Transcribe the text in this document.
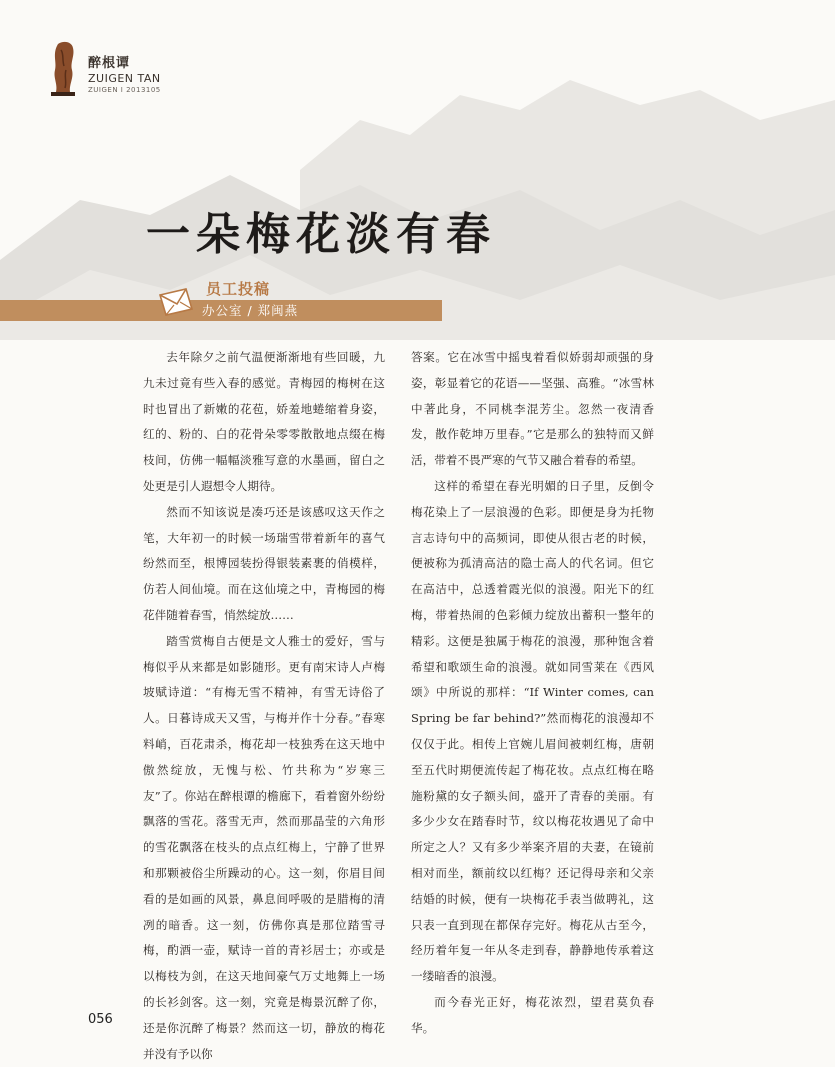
醉根谭
ZUIGEN TAN
ZUIGEN I 2013105
一朵梅花淡有春
员工投稿
办公室 / 郑闽燕

去年除夕之前气温便渐渐地有些回暖，九九未过竟有些入春的感觉。青梅园的梅树在这时也冒出了新嫩的花苞，娇羞地蜷缩着身姿，红的、粉的、白的花骨朵零零散散地点缀在梅枝间，仿佛一幅幅淡雅写意的水墨画，留白之处更是引人遐想令人期待。

然而不知该说是凑巧还是该感叹这天作之笔，大年初一的时候一场瑞雪带着新年的喜气纷然而至，根博园装扮得银装素裹的俏模样，仿若人间仙境。而在这仙境之中，青梅园的梅花伴随着春雪，悄然绽放……

踏雪赏梅自古便是文人雅士的爱好，雪与梅似乎从来都是如影随形。更有南宋诗人卢梅坡赋诗道：“有梅无雪不精神，有雪无诗俗了人。日暮诗成天又雪，与梅并作十分春。”春寒料峭，百花肃杀，梅花却一枝独秀在这天地中傲然绽放，无愧与松、竹共称为“岁寒三友”了。你站在醉根谭的檐廊下，看着窗外纷纷飘落的雪花。落雪无声，然而那晶莹的六角形的雪花飘落在枝头的点点红梅上，宁静了世界和那颗被俗尘所躁动的心。这一刻，你眉目间看的是如画的风景，鼻息间呼吸的是腊梅的清冽的暗香。这一刻，仿佛你真是那位踏雪寻梅，酌酒一壶，赋诗一首的青衫居士；亦或是以梅枝为剑，在这天地间豪气万丈地舞上一场的长衫剑客。这一刻，究竟是梅景沉醉了你，还是你沉醉了梅景？然而这一切，静放的梅花并没有予以你

答案。它在冰雪中摇曳着看似娇弱却顽强的身姿，彰显着它的花语——坚强、高雅。“冰雪林中著此身，不同桃李混芳尘。忽然一夜清香发，散作乾坤万里春。”它是那么的独特而又鲜活，带着不畏严寒的气节又融合着春的希望。

这样的希望在春光明媚的日子里，反倒令梅花染上了一层浪漫的色彩。即便是身为托物言志诗句中的高频词，即使从很古老的时候，便被称为孤清高洁的隐士高人的代名词。但它在高洁中，总透着霞光似的浪漫。阳光下的红梅，带着热闹的色彩倾力绽放出蓄积一整年的精彩。这便是独属于梅花的浪漫，那种饱含着希望和歌颂生命的浪漫。就如同雪莱在《西风颂》中所说的那样：“If Winter comes, can Spring be far behind?”然而梅花的浪漫却不仅仅于此。相传上官婉儿眉间被刺红梅，唐朝至五代时期便流传起了梅花妆。点点红梅在略施粉黛的女子额头间，盛开了青春的美丽。有多少少女在踏春时节，纹以梅花妆遇见了命中所定之人？又有多少举案齐眉的夫妻，在镜前相对而坐，额前纹以红梅？还记得母亲和父亲结婚的时候，便有一块梅花手表当做聘礼，这只表一直到现在都保存完好。梅花从古至今，经历着年复一年从冬走到春，静静地传承着这一缕暗香的浪漫。

而今春光正好，梅花浓烈，望君莫负春华。

056
